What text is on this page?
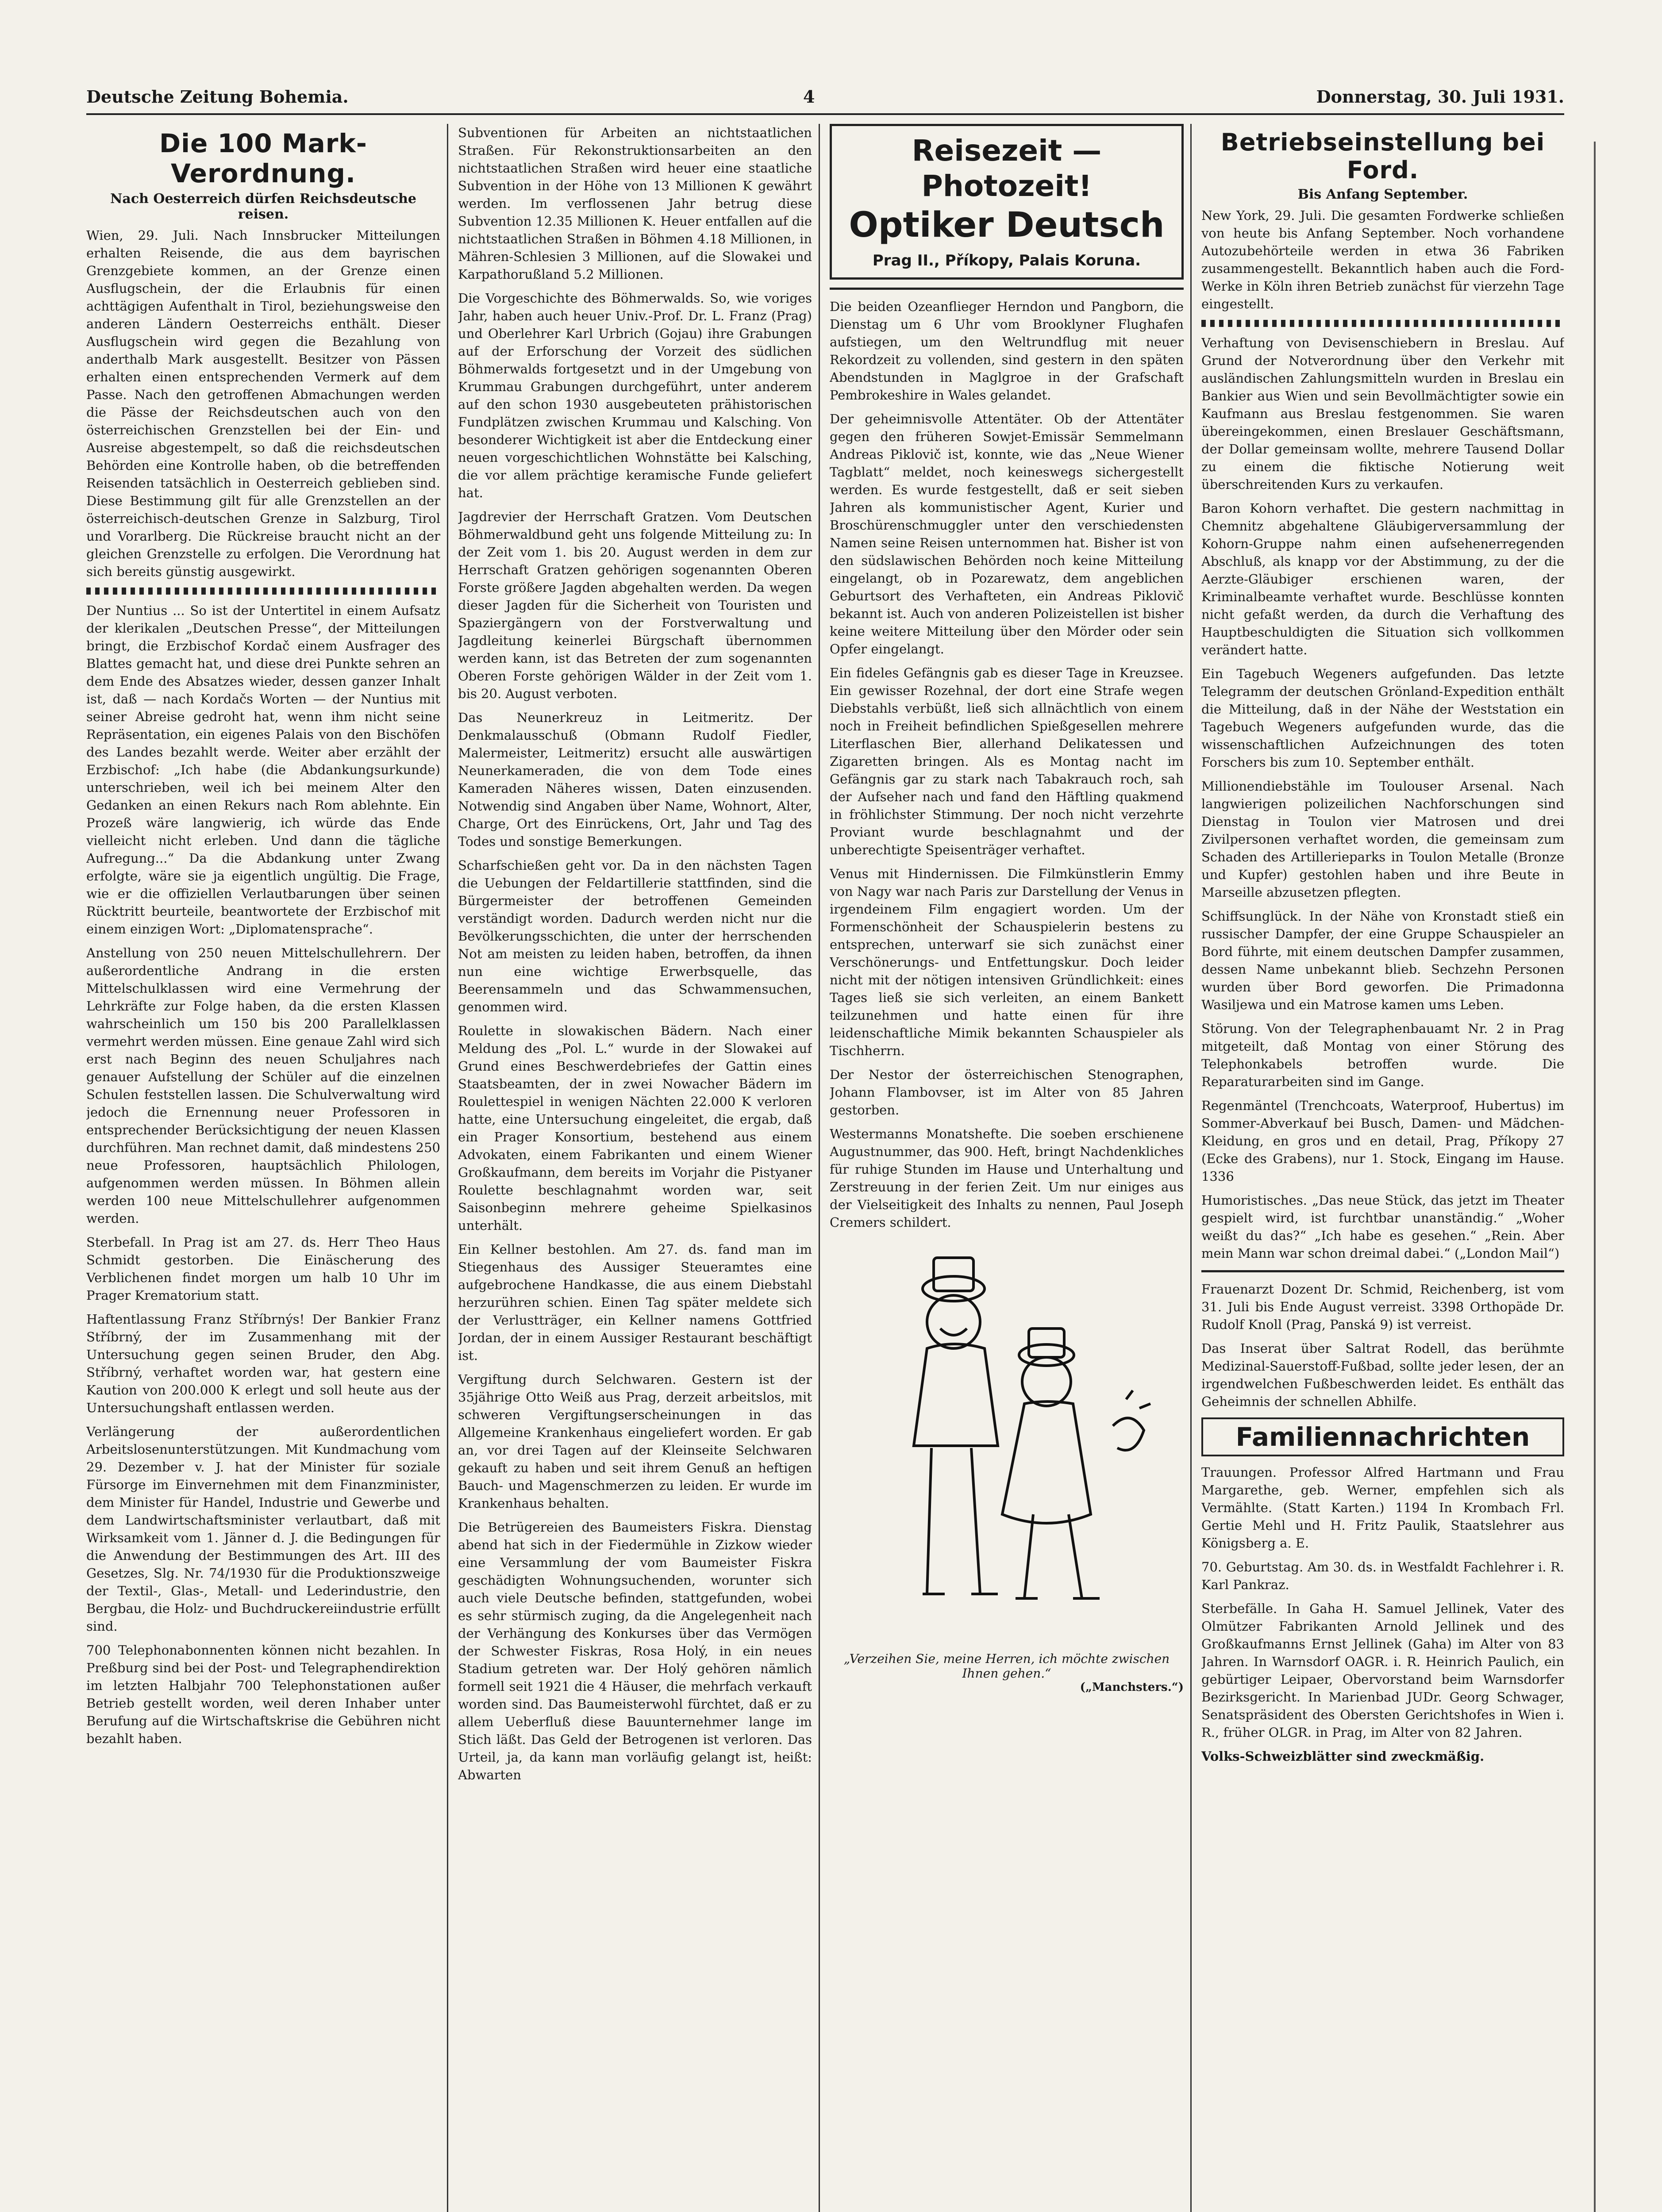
Deutsche Zeitung Bohemia.	4	Donnerstag, 30. Juli 1931.
Die 100 Mark-Verordnung.
Nach Oesterreich dürfen Reichsdeutsche reisen.

Wien, 29. Juli. Nach Innsbrucker Mitteilungen erhalten Reisende, die aus dem bayrischen Grenzgebiete kommen, an der Grenze einen Ausflugschein, der die Erlaubnis für einen achttägigen Aufenthalt in Tirol, beziehungsweise den anderen Ländern Oesterreichs enthält. Dieser Ausflugschein wird gegen die Bezahlung von anderthalb Mark ausgestellt. Besitzer von Pässen erhalten einen entsprechenden Vermerk auf dem Passe. Nach den getroffenen Abmachungen werden die Pässe der Reichsdeutschen auch von den österreichischen Grenzstellen bei der Ein- und Ausreise abgestempelt, so daß die reichsdeutschen Behörden eine Kontrolle haben, ob die betreffenden Reisenden tatsächlich in Oesterreich geblieben sind. Diese Bestimmung gilt für alle Grenzstellen an der österreichisch-deutschen Grenze in Salzburg, Tirol und Vorarlberg. Die Rückreise braucht nicht an der gleichen Grenzstelle zu erfolgen. Die Verordnung hat sich bereits günstig ausgewirkt.

Der Nuntius ... So ist der Untertitel in einem Aufsatz der klerikalen „Deutschen Presse“, der Mitteilungen bringt, die Erzbischof Kordač einem Ausfrager des Blattes gemacht hat, und diese drei Punkte sehren an dem Ende des Absatzes wieder, dessen ganzer Inhalt ist, daß — nach Kordačs Worten — der Nuntius mit seiner Abreise gedroht hat, wenn ihm nicht seine Repräsentation, ein eigenes Palais von den Bischöfen des Landes bezahlt werde. Weiter aber erzählt der Erzbischof: „Ich habe (die Abdankungsurkunde) unterschrieben, weil ich bei meinem Alter den Gedanken an einen Rekurs nach Rom ablehnte. Ein Prozeß wäre langwierig, ich würde das Ende vielleicht nicht erleben. Und dann die tägliche Aufregung...“ Da die Abdankung unter Zwang erfolgte, wäre sie ja eigentlich ungültig. Die Frage, wie er die offiziellen Verlautbarungen über seinen Rücktritt beurteile, beantwortete der Erzbischof mit einem einzigen Wort: „Diplomatensprache“.

Anstellung von 250 neuen Mittelschullehrern. Der außerordentliche Andrang in die ersten Mittelschulklassen wird eine Vermehrung der Lehrkräfte zur Folge haben, da die ersten Klassen wahrscheinlich um 150 bis 200 Parallelklassen vermehrt werden müssen. Eine genaue Zahl wird sich erst nach Beginn des neuen Schuljahres nach genauer Aufstellung der Schüler auf die einzelnen Schulen feststellen lassen. Die Schulverwaltung wird jedoch die Ernennung neuer Professoren in entsprechender Berücksichtigung der neuen Klassen durchführen. Man rechnet damit, daß mindestens 250 neue Professoren, hauptsächlich Philologen, aufgenommen werden müssen. In Böhmen allein werden 100 neue Mittelschullehrer aufgenommen werden.

Sterbefall. In Prag ist am 27. ds. Herr Theo Haus Schmidt gestorben. Die Einäscherung des Verblichenen findet morgen um halb 10 Uhr im Prager Krematorium statt.

Haftentlassung Franz Stříbrnýs! Der Bankier Franz Stříbrný, der im Zusammenhang mit der Untersuchung gegen seinen Bruder, den Abg. Stříbrný, verhaftet worden war, hat gestern eine Kaution von 200.000 K erlegt und soll heute aus der Untersuchungshaft entlassen werden.

Verlängerung der außerordentlichen Arbeitslosenunterstützungen. Mit Kundmachung vom 29. Dezember v. J. hat der Minister für soziale Fürsorge im Einvernehmen mit dem Finanzminister, dem Minister für Handel, Industrie und Gewerbe und dem Landwirtschaftsminister verlautbart, daß mit Wirksamkeit vom 1. Jänner d. J. die Bedingungen für die Anwendung der Bestimmungen des Art. III des Gesetzes, Slg. Nr. 74/1930 für die Produktionszweige der Textil-, Glas-, Metall- und Lederindustrie, den Bergbau, die Holz- und Buchdruckereiindustrie erfüllt sind.

700 Telephonabonnenten können nicht bezahlen. In Preßburg sind bei der Post- und Telegraphendirektion im letzten Halbjahr 700 Telephonstationen außer Betrieb gestellt worden, weil deren Inhaber unter Berufung auf die Wirtschaftskrise die Gebühren nicht bezahlt haben.

Subventionen für Arbeiten an nichtstaatlichen Straßen. Für Rekonstruktionsarbeiten an den nichtstaatlichen Straßen wird heuer eine staatliche Subvention in der Höhe von 13 Millionen K gewährt werden. Im verflossenen Jahr betrug diese Subvention 12.35 Millionen K. Heuer entfallen auf die nichtstaatlichen Straßen in Böhmen 4.18 Millionen, in Mähren-Schlesien 3 Millionen, auf die Slowakei und Karpathorußland 5.2 Millionen.

Die Vorgeschichte des Böhmerwalds. So, wie voriges Jahr, haben auch heuer Univ.-Prof. Dr. L. Franz (Prag) und Oberlehrer Karl Urbrich (Gojau) ihre Grabungen auf der Erforschung der Vorzeit des südlichen Böhmerwalds fortgesetzt und in der Umgebung von Krummau Grabungen durchgeführt, unter anderem auf den schon 1930 ausgebeuteten prähistorischen Fundplätzen zwischen Krummau und Kalsching. Von besonderer Wichtigkeit ist aber die Entdeckung einer neuen vorgeschichtlichen Wohnstätte bei Kalsching, die vor allem prächtige keramische Funde geliefert hat.

Jagdrevier der Herrschaft Gratzen. Vom Deutschen Böhmerwaldbund geht uns folgende Mitteilung zu: In der Zeit vom 1. bis 20. August werden in dem zur Herrschaft Gratzen gehörigen sogenannten Oberen Forste größere Jagden abgehalten werden. Da wegen dieser Jagden für die Sicherheit von Touristen und Spaziergängern von der Forstverwaltung und Jagdleitung keinerlei Bürgschaft übernommen werden kann, ist das Betreten der zum sogenannten Oberen Forste gehörigen Wälder in der Zeit vom 1. bis 20. August verboten.

Das Neunerkreuz in Leitmeritz. Der Denkmalausschuß (Obmann Rudolf Fiedler, Malermeister, Leitmeritz) ersucht alle auswärtigen Neunerkameraden, die von dem Tode eines Kameraden Näheres wissen, Daten einzusenden. Notwendig sind Angaben über Name, Wohnort, Alter, Charge, Ort des Einrückens, Ort, Jahr und Tag des Todes und sonstige Bemerkungen.

Scharfschießen geht vor. Da in den nächsten Tagen die Uebungen der Feldartillerie stattfinden, sind die Bürgermeister der betroffenen Gemeinden verständigt worden. Dadurch werden nicht nur die Bevölkerungsschichten, die unter der herrschenden Not am meisten zu leiden haben, betroffen, da ihnen nun eine wichtige Erwerbsquelle, das Beerensammeln und das Schwammensuchen, genommen wird.

Roulette in slowakischen Bädern. Nach einer Meldung des „Pol. L.“ wurde in der Slowakei auf Grund eines Beschwerdebriefes der Gattin eines Staatsbeamten, der in zwei Nowacher Bädern im Roulettespiel in wenigen Nächten 22.000 K verloren hatte, eine Untersuchung eingeleitet, die ergab, daß ein Prager Konsortium, bestehend aus einem Advokaten, einem Fabrikanten und einem Wiener Großkaufmann, dem bereits im Vorjahr die Pistyaner Roulette beschlagnahmt worden war, seit Saisonbeginn mehrere geheime Spielkasinos unterhält.

Ein Kellner bestohlen. Am 27. ds. fand man im Stiegenhaus des Aussiger Steueramtes eine aufgebrochene Handkasse, die aus einem Diebstahl herzurühren schien. Einen Tag später meldete sich der Verlustträger, ein Kellner namens Gottfried Jordan, der in einem Aussiger Restaurant beschäftigt ist.

Vergiftung durch Selchwaren. Gestern ist der 35jährige Otto Weiß aus Prag, derzeit arbeitslos, mit schweren Vergiftungserscheinungen in das Allgemeine Krankenhaus eingeliefert worden. Er gab an, vor drei Tagen auf der Kleinseite Selchwaren gekauft zu haben und seit ihrem Genuß an heftigen Bauch- und Magenschmerzen zu leiden. Er wurde im Krankenhaus behalten.

Die Betrügereien des Baumeisters Fiskra. Dienstag abend hat sich in der Fiedermühle in Zizkow wieder eine Versammlung der vom Baumeister Fiskra geschädigten Wohnungsuchenden, worunter sich auch viele Deutsche befinden, stattgefunden, wobei es sehr stürmisch zuging, da die Angelegenheit nach der Verhängung des Konkurses über das Vermögen der Schwester Fiskras, Rosa Holý, in ein neues Stadium getreten war. Der Holý gehören nämlich formell seit 1921 die 4 Häuser, die mehrfach verkauft worden sind. Das Baumeisterwohl fürchtet, daß er zu allem Ueberfluß diese Bauunternehmer lange im Stich läßt. Das Geld der Betrogenen ist verloren. Das Urteil, ja, da kann man vorläufig gelangt ist, heißt: Abwarten

Reisezeit — Photozeit!
Optiker Deutsch
Prag II., Příkopy, Palais Koruna.

Die beiden Ozeanflieger Herndon und Pangborn, die Dienstag um 6 Uhr vom Brooklyner Flughafen aufstiegen, um den Weltrundflug mit neuer Rekordzeit zu vollenden, sind gestern in den späten Abendstunden in Maglgroe in der Grafschaft Pembrokeshire in Wales gelandet.

Der geheimnisvolle Attentäter. Ob der Attentäter gegen den früheren Sowjet-Emissär Semmelmann Andreas Piklovič ist, konnte, wie das „Neue Wiener Tagblatt“ meldet, noch keineswegs sichergestellt werden. Es wurde festgestellt, daß er seit sieben Jahren als kommunistischer Agent, Kurier und Broschürenschmuggler unter den verschiedensten Namen seine Reisen unternommen hat. Bisher ist von den südslawischen Behörden noch keine Mitteilung eingelangt, ob in Pozarewatz, dem angeblichen Geburtsort des Verhafteten, ein Andreas Piklovič bekannt ist. Auch von anderen Polizeistellen ist bisher keine weitere Mitteilung über den Mörder oder sein Opfer eingelangt.

Ein fideles Gefängnis gab es dieser Tage in Kreuzsee. Ein gewisser Rozehnal, der dort eine Strafe wegen Diebstahls verbüßt, ließ sich allnächtlich von einem noch in Freiheit befindlichen Spießgesellen mehrere Literflaschen Bier, allerhand Delikatessen und Zigaretten bringen. Als es Montag nacht im Gefängnis gar zu stark nach Tabakrauch roch, sah der Aufseher nach und fand den Häftling quakmend in fröhlichster Stimmung. Der noch nicht verzehrte Proviant wurde beschlagnahmt und der unberechtigte Speisenträger verhaftet.

Venus mit Hindernissen. Die Filmkünstlerin Emmy von Nagy war nach Paris zur Darstellung der Venus in irgendeinem Film engagiert worden. Um der Formenschönheit der Schauspielerin bestens zu entsprechen, unterwarf sie sich zunächst einer Verschönerungs- und Entfettungskur. Doch leider nicht mit der nötigen intensiven Gründlichkeit: eines Tages ließ sie sich verleiten, an einem Bankett teilzunehmen und hatte einen für ihre leidenschaftliche Mimik bekannten Schauspieler als Tischherrn.

Der Nestor der österreichischen Stenographen, Johann Flambovser, ist im Alter von 85 Jahren gestorben.

Westermanns Monatshefte. Die soeben erschienene Augustnummer, das 900. Heft, bringt Nachdenkliches für ruhige Stunden im Hause und Unterhaltung und Zerstreuung in der ferien Zeit. Um nur einiges aus der Vielseitigkeit des Inhalts zu nennen, Paul Joseph Cremers schildert.

„Verzeihen Sie, meine Herren, ich möchte zwischen Ihnen gehen.“
(„Manchsters.“)
Betriebseinstellung bei Ford.
Bis Anfang September.

New York, 29. Juli. Die gesamten Fordwerke schließen von heute bis Anfang September. Noch vorhandene Autozubehörteile werden in etwa 36 Fabriken zusammengestellt. Bekanntlich haben auch die Ford-Werke in Köln ihren Betrieb zunächst für vierzehn Tage eingestellt.

Verhaftung von Devisenschiebern in Breslau. Auf Grund der Notverordnung über den Verkehr mit ausländischen Zahlungsmitteln wurden in Breslau ein Bankier aus Wien und sein Bevollmächtigter sowie ein Kaufmann aus Breslau festgenommen. Sie waren übereingekommen, einen Breslauer Geschäftsmann, der Dollar gemeinsam wollte, mehrere Tausend Dollar zu einem die fiktische Notierung weit überschreitenden Kurs zu verkaufen.

Baron Kohorn verhaftet. Die gestern nachmittag in Chemnitz abgehaltene Gläubigerversammlung der Kohorn-Gruppe nahm einen aufsehenerregenden Abschluß, als knapp vor der Abstimmung, zu der die Aerzte-Gläubiger erschienen waren, der Kriminalbeamte verhaftet wurde. Beschlüsse konnten nicht gefaßt werden, da durch die Verhaftung des Hauptbeschuldigten die Situation sich vollkommen verändert hatte.

Ein Tagebuch Wegeners aufgefunden. Das letzte Telegramm der deutschen Grönland-Expedition enthält die Mitteilung, daß in der Nähe der Weststation ein Tagebuch Wegeners aufgefunden wurde, das die wissenschaftlichen Aufzeichnungen des toten Forschers bis zum 10. September enthält.

Millionendiebstähle im Toulouser Arsenal. Nach langwierigen polizeilichen Nachforschungen sind Dienstag in Toulon vier Matrosen und drei Zivilpersonen verhaftet worden, die gemeinsam zum Schaden des Artillerieparks in Toulon Metalle (Bronze und Kupfer) gestohlen haben und ihre Beute in Marseille abzusetzen pflegten.

Schiffsunglück. In der Nähe von Kronstadt stieß ein russischer Dampfer, der eine Gruppe Schauspieler an Bord führte, mit einem deutschen Dampfer zusammen, dessen Name unbekannt blieb. Sechzehn Personen wurden über Bord geworfen. Die Primadonna Wasiljewa und ein Matrose kamen ums Leben.

Störung. Von der Telegraphenbauamt Nr. 2 in Prag mitgeteilt, daß Montag von einer Störung des Telephonkabels betroffen wurde. Die Reparaturarbeiten sind im Gange.

Regenmäntel (Trenchcoats, Waterproof, Hubertus) im Sommer-Abverkauf bei Busch, Damen- und Mädchen-Kleidung, en gros und en detail, Prag, Příkopy 27 (Ecke des Grabens), nur 1. Stock, Eingang im Hause. 1336

Humoristisches. „Das neue Stück, das jetzt im Theater gespielt wird, ist furchtbar unanständig.“ „Woher weißt du das?“ „Ich habe es gesehen.“ „Rein. Aber mein Mann war schon dreimal dabei.“ („London Mail“)

Frauenarzt Dozent Dr. Schmid, Reichenberg, ist vom 31. Juli bis Ende August verreist. 3398 Orthopäde Dr. Rudolf Knoll (Prag, Panská 9) ist verreist.

Das Inserat über Saltrat Rodell, das berühmte Medizinal-Sauerstoff-Fußbad, sollte jeder lesen, der an irgendwelchen Fußbeschwerden leidet. Es enthält das Geheimnis der schnellen Abhilfe.

Familiennachrichten

Trauungen. Professor Alfred Hartmann und Frau Margarethe, geb. Werner, empfehlen sich als Vermählte. (Statt Karten.) 1194 In Krombach Frl. Gertie Mehl und H. Fritz Paulik, Staatslehrer aus Königsberg a. E.

70. Geburtstag. Am 30. ds. in Westfaldt Fachlehrer i. R. Karl Pankraz.

Sterbefälle. In Gaha H. Samuel Jellinek, Vater des Olmützer Fabrikanten Arnold Jellinek und des Großkaufmanns Ernst Jellinek (Gaha) im Alter von 83 Jahren. In Warnsdorf OAGR. i. R. Heinrich Paulich, ein gebürtiger Leipaer, Obervorstand beim Warnsdorfer Bezirksgericht. In Marienbad JUDr. Georg Schwager, Senatspräsident des Obersten Gerichtshofes in Wien i. R., früher OLGR. in Prag, im Alter von 82 Jahren.

Volks-Schweizblätter sind zweckmäßig.
